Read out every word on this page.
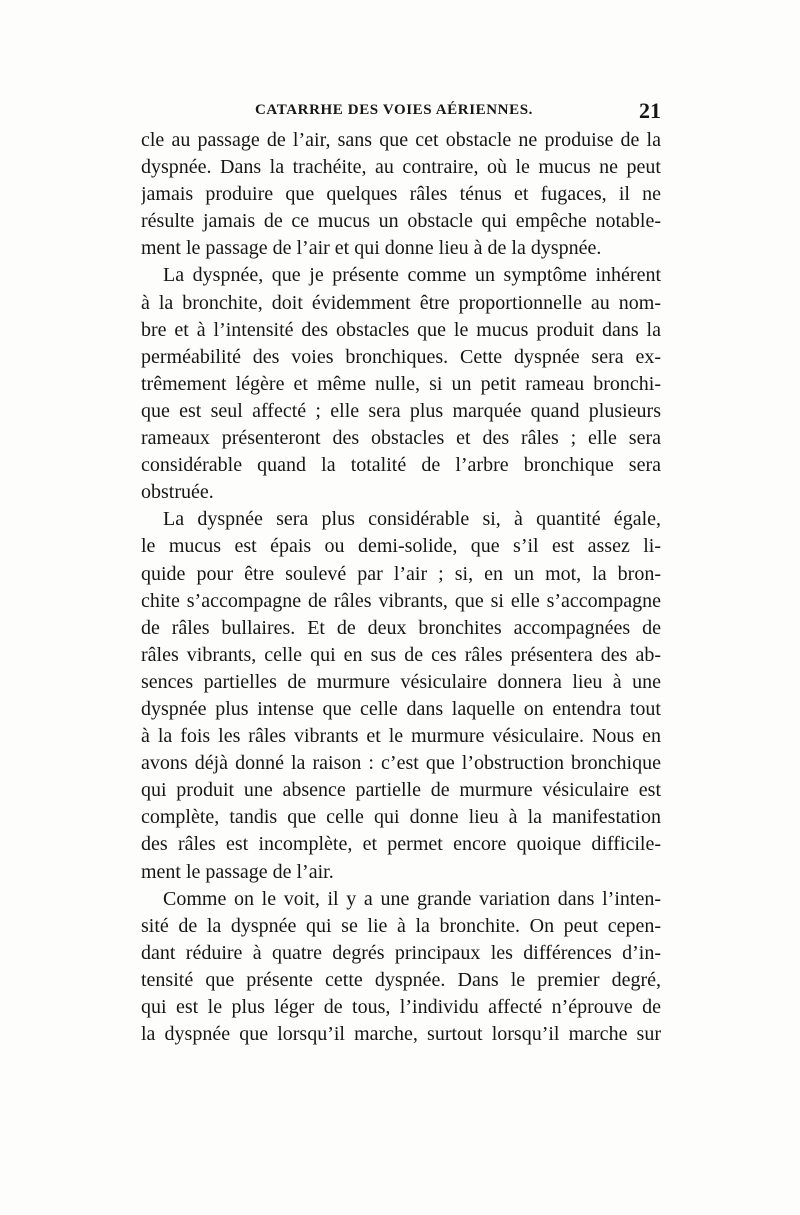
CATARRHE DES VOIES AÉRIENNES.	21
cle au passage de l’air, sans que cet obstacle ne produise de la
dyspnée. Dans la trachéite, au contraire, où le mucus ne peut
jamais produire que quelques râles ténus et fugaces, il ne
résulte jamais de ce mucus un obstacle qui empêche notable-
ment le passage de l’air et qui donne lieu à de la dyspnée.
La dyspnée, que je présente comme un symptôme inhérent
à la bronchite, doit évidemment être proportionnelle au nom-
bre et à l’intensité des obstacles que le mucus produit dans la
perméabilité des voies bronchiques. Cette dyspnée sera ex-
trêmement légère et même nulle, si un petit rameau bronchi-
que est seul affecté ; elle sera plus marquée quand plusieurs
rameaux présenteront des obstacles et des râles ; elle sera
considérable quand la totalité de l’arbre bronchique sera
obstruée.
La dyspnée sera plus considérable si, à quantité égale,
le mucus est épais ou demi-solide, que s’il est assez li-
quide pour être soulevé par l’air ; si, en un mot, la bron-
chite s’accompagne de râles vibrants, que si elle s’accompagne
de râles bullaires. Et de deux bronchites accompagnées de
râles vibrants, celle qui en sus de ces râles présentera des ab-
sences partielles de murmure vésiculaire donnera lieu à une
dyspnée plus intense que celle dans laquelle on entendra tout
à la fois les râles vibrants et le murmure vésiculaire. Nous en
avons déjà donné la raison : c’est que l’obstruction bronchique
qui produit une absence partielle de murmure vésiculaire est
complète, tandis que celle qui donne lieu à la manifestation
des râles est incomplète, et permet encore quoique difficile-
ment le passage de l’air.
Comme on le voit, il y a une grande variation dans l’inten-
sité de la dyspnée qui se lie à la bronchite. On peut cepen-
dant réduire à quatre degrés principaux les différences d’in-
tensité que présente cette dyspnée. Dans le premier degré,
qui est le plus léger de tous, l’individu affecté n’éprouve de
la dyspnée que lorsqu’il marche, surtout lorsqu’il marche sur
